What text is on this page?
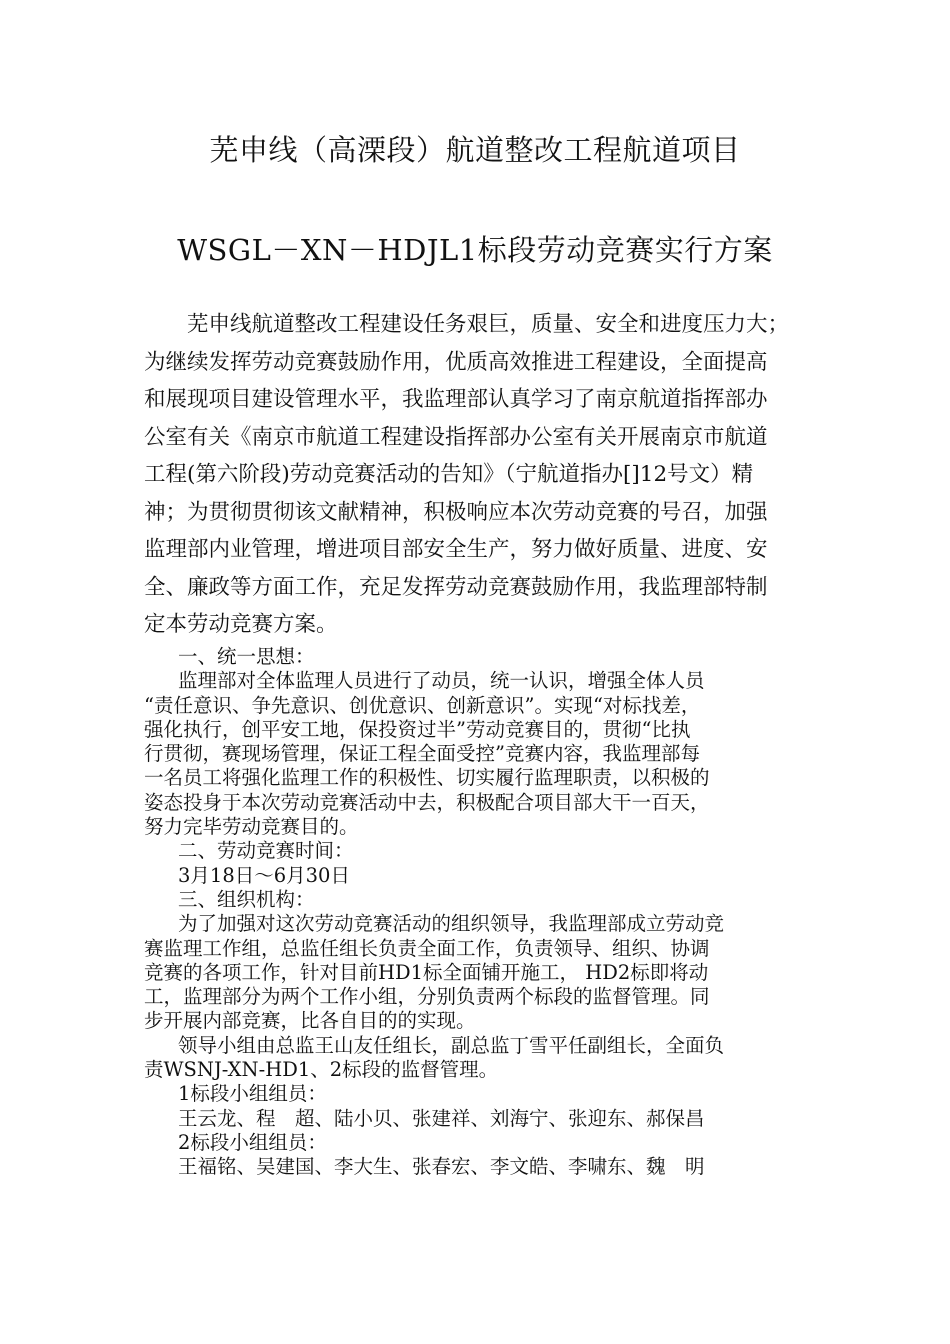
芜申线（高溧段）航道整改工程航道项目
WSGL－XN－HDJL1标段劳动竞赛实行方案

芜申线航道整改工程建设任务艰巨，质量、安全和进度压力大；

为继续发挥劳动竞赛鼓励作用，优质高效推进工程建设，全面提高

和展现项目建设管理水平，我监理部认真学习了南京航道指挥部办

公室有关《南京市航道工程建设指挥部办公室有关开展南京市航道

工程(第六阶段)劳动竞赛活动的告知》（宁航道指办[]12号文）精

神；为贯彻贯彻该文献精神，积极响应本次劳动竞赛的号召，加强

监理部内业管理，增进项目部安全生产，努力做好质量、进度、安

全、廉政等方面工作，充足发挥劳动竞赛鼓励作用，我监理部特制

定本劳动竞赛方案。

一、统一思想：

监理部对全体监理人员进行了动员，统一认识，增强全体人员

“责任意识、争先意识、创优意识、创新意识”。实现“对标找差，

强化执行，创平安工地，保投资过半”劳动竞赛目的，贯彻“比执

行贯彻，赛现场管理，保证工程全面受控”竞赛内容，我监理部每

一名员工将强化监理工作的积极性、切实履行监理职责，以积极的

姿态投身于本次劳动竞赛活动中去，积极配合项目部大干一百天，

努力完毕劳动竞赛目的。

二、劳动竞赛时间：

3月18日～6月30日

三、组织机构：

为了加强对这次劳动竞赛活动的组织领导，我监理部成立劳动竞

赛监理工作组，总监任组长负责全面工作，负责领导、组织、协调

竞赛的各项工作，针对目前HD1标全面铺开施工， HD2标即将动

工，监理部分为两个工作小组，分别负责两个标段的监督管理。同

步开展内部竞赛，比各自目的的实现。

领导小组由总监王山友任组长，副总监丁雪平任副组长，全面负

责WSNJ-XN-HD1、2标段的监督管理。

1标段小组组员：

王云龙、程　超、陆小贝、张建祥、刘海宁、张迎东、郝保昌

2标段小组组员：

王福铭、吴建国、李大生、张春宏、李文皓、李啸东、魏　明
